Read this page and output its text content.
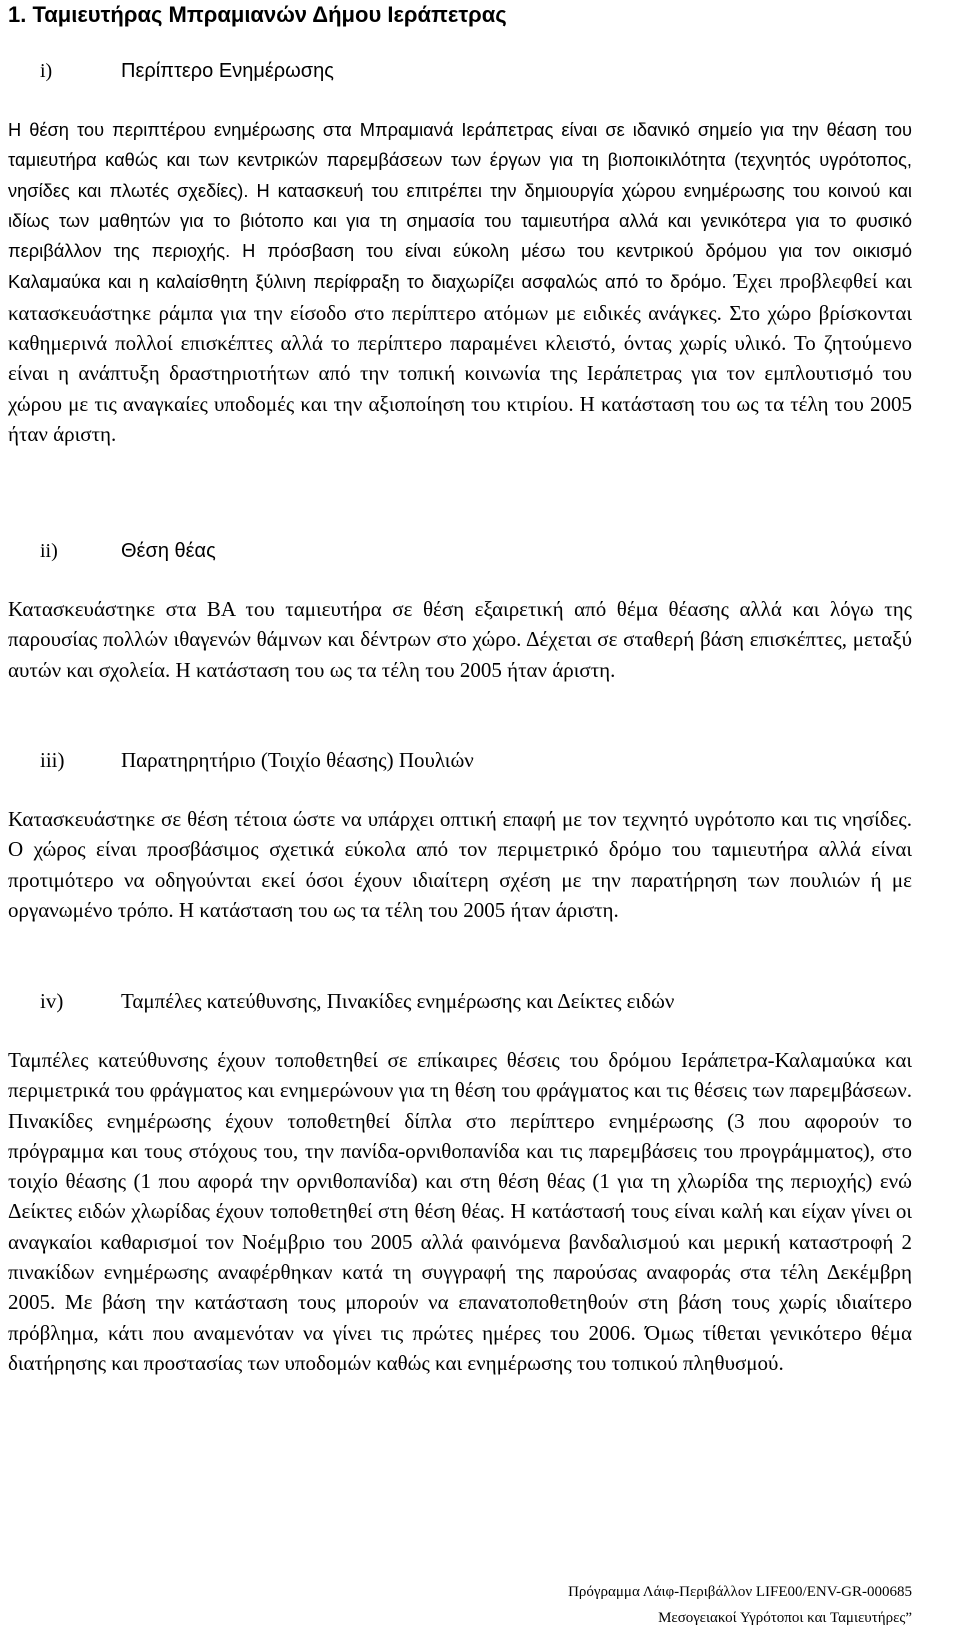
1. Ταμιευτήρας Μπραμιανών Δήμου Ιεράπετρας
i)	Περίπτερο Ενημέρωσης

Η θέση του περιπτέρου ενημέρωσης στα Μπραμιανά Ιεράπετρας είναι σε ιδανικό σημείο για την θέαση του ταμιευτήρα καθώς και των κεντρικών παρεμβάσεων των έργων για τη βιοποικιλότητα (τεχνητός υγρότοπος, νησίδες και πλωτές σχεδίες). Η κατασκευή του επιτρέπει την δημιουργία χώρου ενημέρωσης του κοινού και ιδίως των μαθητών για το βιότοπο και για τη σημασία του ταμιευτήρα αλλά και γενικότερα για το φυσικό περιβάλλον της περιοχής. Η πρόσβαση του είναι εύκολη μέσω του κεντρικού δρόμου για τον οικισμό Καλαμαύκα και η καλαίσθητη ξύλινη περίφραξη το διαχωρίζει ασφαλώς από το δρόμο. Έχει προβλεφθεί και κατασκευάστηκε ράμπα για την είσοδο στο περίπτερο ατόμων με ειδικές ανάγκες. Στο χώρο βρίσκονται καθημερινά πολλοί επισκέπτες αλλά το περίπτερο παραμένει κλειστό, όντας χωρίς υλικό. Το ζητούμενο είναι η ανάπτυξη δραστηριοτήτων από την τοπική κοινωνία της Ιεράπετρας για τον εμπλουτισμό του χώρου με τις αναγκαίες υποδομές και την αξιοποίηση του κτιρίου. Η κατάσταση του ως τα τέλη του 2005 ήταν άριστη.

ii)	Θέση θέας

Κατασκευάστηκε στα ΒΑ του ταμιευτήρα σε θέση εξαιρετική από θέμα θέασης αλλά και λόγω της παρουσίας πολλών ιθαγενών θάμνων και δέντρων στο χώρο. Δέχεται σε σταθερή βάση επισκέπτες, μεταξύ αυτών και σχολεία. Η κατάσταση του ως τα τέλη του 2005 ήταν άριστη.

iii)	Παρατηρητήριο (Τοιχίο θέασης) Πουλιών

Κατασκευάστηκε σε θέση τέτοια ώστε να υπάρχει οπτική επαφή με τον τεχνητό υγρότοπο και τις νησίδες. Ο χώρος είναι προσβάσιμος σχετικά εύκολα από τον περιμετρικό δρόμο του ταμιευτήρα αλλά είναι προτιμότερο να οδηγούνται εκεί όσοι έχουν ιδιαίτερη σχέση με την παρατήρηση των πουλιών ή με οργανωμένο τρόπο. Η κατάσταση του ως τα τέλη του 2005 ήταν άριστη.

iv)	Ταμπέλες κατεύθυνσης, Πινακίδες ενημέρωσης και Δείκτες ειδών

Ταμπέλες κατεύθυνσης έχουν τοποθετηθεί σε επίκαιρες θέσεις του δρόμου Ιεράπετρα-Καλαμαύκα και περιμετρικά του φράγματος και ενημερώνουν για τη θέση του φράγματος και τις θέσεις των παρεμβάσεων. Πινακίδες ενημέρωσης έχουν τοποθετηθεί δίπλα στο περίπτερο ενημέρωσης (3 που αφορούν το πρόγραμμα και τους στόχους του, την πανίδα-ορνιθοπανίδα και τις παρεμβάσεις του προγράμματος), στο τοιχίο θέασης (1 που αφορά την ορνιθοπανίδα) και στη θέση θέας (1 για τη χλωρίδα της περιοχής) ενώ Δείκτες ειδών χλωρίδας έχουν τοποθετηθεί στη θέση θέας. Η κατάστασή τους είναι καλή και είχαν γίνει οι αναγκαίοι καθαρισμοί τον Νοέμβριο του 2005 αλλά φαινόμενα βανδαλισμού και μερική καταστροφή 2 πινακίδων ενημέρωσης αναφέρθηκαν κατά τη συγγραφή της παρούσας αναφοράς στα τέλη Δεκέμβρη 2005. Με βάση την κατάσταση τους μπορούν να επανατοποθετηθούν στη βάση τους χωρίς ιδιαίτερο πρόβλημα, κάτι που αναμενόταν να γίνει τις πρώτες ημέρες του 2006. Όμως τίθεται γενικότερο θέμα διατήρησης και προστασίας των υποδομών καθώς και ενημέρωσης του τοπικού πληθυσμού.

Πρόγραμμα Λάιφ-Περιβάλλον LIFE00/ENV-GR-000685
Μεσογειακοί Υγρότοποι και Ταμιευτήρες”
